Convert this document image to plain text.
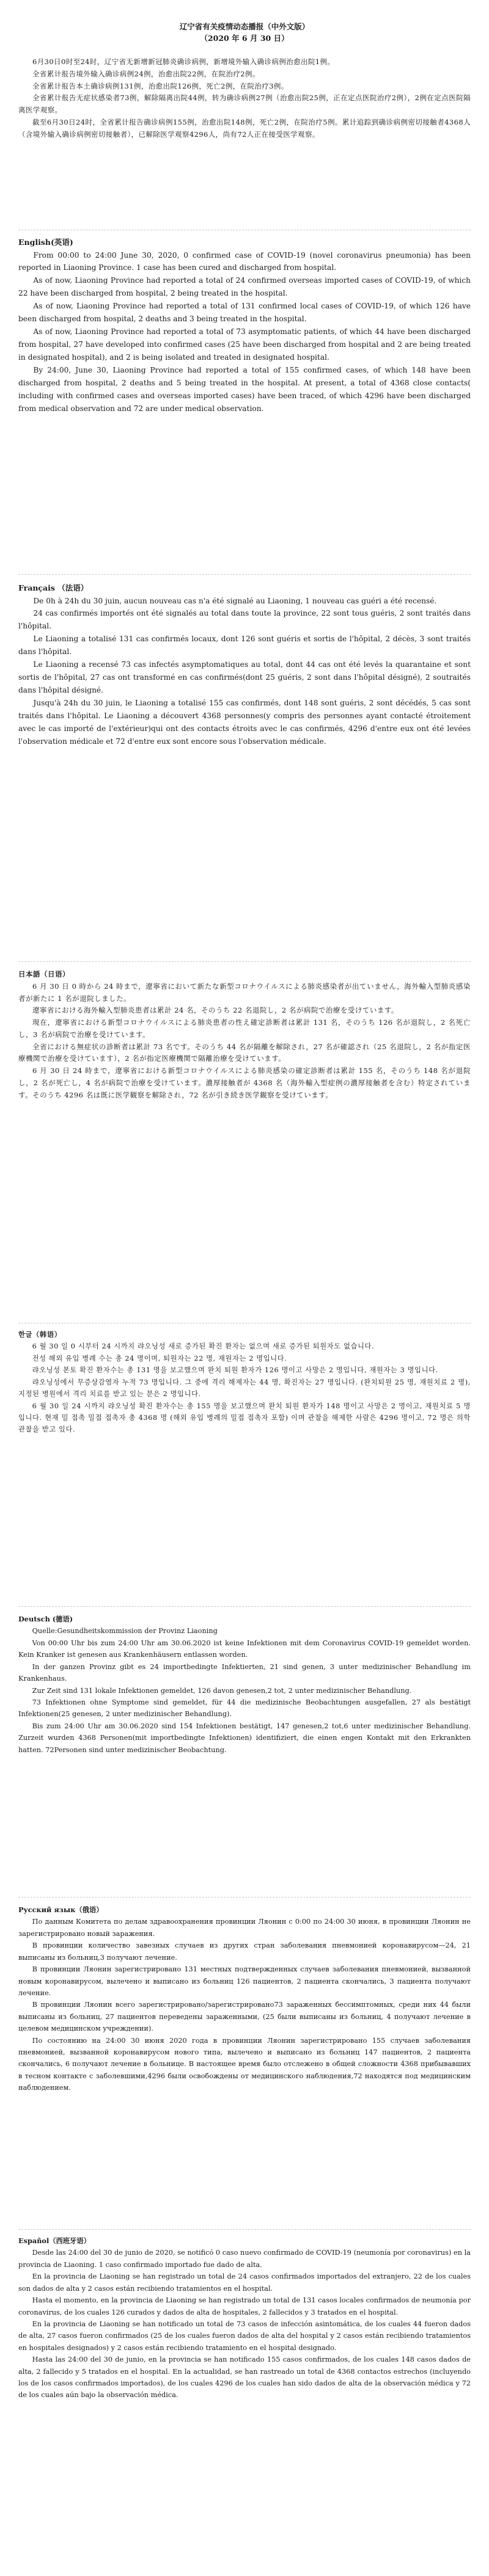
辽宁省有关疫情动态播报（中外文版）
（2020 年 6 月 30 日）

6月30日0时至24时，辽宁省无新增新冠肺炎确诊病例，新增境外输入确诊病例治愈出院1例。

全省累计报告境外输入确诊病例24例，治愈出院22例，在院治疗2例。

全省累计报告本土确诊病例131例，治愈出院126例，死亡2例，在院治疗3例。

全省累计报告无症状感染者73例，解除隔离出院44例，转为确诊病例27例（治愈出院25例，正在定点医院治疗2例），2例在定点医院隔离医学观察。

截至6月30日24时，全省累计报告确诊病例155例，治愈出院148例，死亡2例，在院治疗5例。累计追踪到确诊病例密切接触者4368人（含境外输入确诊病例密切接触者），已解除医学观察4296人，尚有72人正在接受医学观察。

English(英语)

From 00:00 to 24:00 June 30, 2020, 0 confirmed case of COVID-19 (novel coronavirus pneumonia) has been reported in Liaoning Province. 1 case has been cured and discharged from hospital.

As of now, Liaoning Province had reported a total of 24 confirmed overseas imported cases of COVID-19, of which 22 have been discharged from hospital, 2 being treated in the hospital.

As of now, Liaoning Province had reported a total of 131 confirmed local cases of COVID-19, of which 126 have been discharged from hospital, 2 deaths and 3 being treated in the hospital.

As of now, Liaoning Province had reported a total of 73 asymptomatic patients, of which 44 have been discharged from hospital, 27 have developed into confirmed cases (25 have been discharged from hospital and 2 are being treated in designated hospital), and 2 is being isolated and treated in designated hospital.

By 24:00, June 30, Liaoning Province had reported a total of 155 confirmed cases, of which 148 have been discharged from hospital, 2 deaths and 5 being treated in the hospital. At present, a total of 4368 close contacts( including with confirmed cases and overseas imported cases) have been traced, of which 4296 have been discharged from medical observation and 72 are under medical observation.

Français （法语）

De 0h à 24h du 30 juin, aucun nouveau cas n'a été signalé au Liaoning, 1 nouveau cas guéri a été recensé.

24 cas confirmés importés ont été signalés au total dans toute la province, 22 sont tous guéris, 2 sont traités dans l'hôpital.

Le Liaoning a totalisé 131 cas confirmés locaux, dont 126 sont guéris et sortis de l'hôpital, 2 décès, 3 sont traités dans l'hôpital.

Le Liaoning a recensé 73 cas infectés asymptomatiques au total, dont 44 cas ont été levés la quarantaine et sont sortis de l'hôpital, 27 cas ont transformé en cas confirmés(dont 25 guéris, 2 sont dans l'hôpital désigné), 2 soutraités dans l'hôpital désigné.

Jusqu'à 24h du 30 juin, le Liaoning a totalisé 155 cas confirmés, dont 148 sont guéris, 2 sont décédés, 5 cas sont traités dans l'hôpital. Le Liaoning a découvert 4368 personnes(y compris des personnes ayant contacté étroitement avec le cas importé de l'extérieur)qui ont des contacts étroits avec le cas confirmés, 4296 d'entre eux ont été levées l'observation médicale et 72 d'entre eux sont encore sous l'observation médicale.

日本語（日语）

6 月 30 日 0 時から 24 時まで，遼寧省において新たな新型コロナウイルスによる肺炎感染者が出ていません，海外輸入型肺炎感染者が新たに 1 名が退院しました。

遼寧省における海外輸入型肺炎患者は累計 24 名，そのうち 22 名退院し，2 名が病院で治療を受けています。

現在，遼寧省における新型コロナウイルスによる肺炎患者の性え確定診断者は累計 131 名，そのうち 126 名が退院し，2 名死亡し，3 名が病院で治療を受けています。

全省における無症状の診断者は累計 73 名です。そのうち 44 名が隔離を解除され，27 名が確認され（25 名退院し，2 名が指定医療機関で治療を受けています），2 名が指定医療機関で隔離治療を受けています。

6 月 30 日 24 時まで，遼寧省における新型コロナウイルスによる肺炎感染の確定診断者は累計 155 名，そのうち 148 名が退院し，2 名が死亡し，4 名が病院で治療を受けています。濃厚接触者が 4368 名（海外輸入型症例の濃厚接触者を含む）特定されています。そのうち 4296 名は既に医学観察を解除され，72 名が引き続き医学観察を受けています。

한글（韩语）

6 월 30 일 0 시부터 24 시까지 랴오닝성 새로 증가된 확진 환자는 없으며 새로 증가된 퇴원자도 없습니다.

전성 해외 유입 병례 수는 총 24 명이며, 퇴원자는 22 명, 재원자는 2 명입니다.

랴오닝성 본토 확진 환자수는 총 131 명을 보고했으며 완치 퇴원 환자가 126 명이고 사망은 2 명입니다, 재원자는 3 명입니다.

랴오닝성에서 무증상감염자 누적 73 명입니다. 그 중에 격리 해제자는 44 명, 확진자는 27 명입니다. (완치퇴원 25 명, 재원치료 2 명), 지정된 병원에서 격리 치료를 받고 있는 분은 2 명입니다.

6 월 30 일 24 시까지 랴오닝성 확진 환자수는 총 155 명을 보고했으며 완치 퇴원 환자가 148 명이고 사망은 2 명이고, 재원치료 5 명입니다. 현재 밀 접촉 밀접 접촉자 총 4368 명 (해외 유입 병례의 밀접 접촉자 포함) 이며 관찰을 해제한 사람은 4296 명이고, 72 명은 의학 관찰을 받고 있다.

Deutsch (德语)

Quelle:Gesundheitskommission der Provinz Liaoning

Von 00:00 Uhr bis zum 24:00 Uhr am 30.06.2020 ist keine Infektionen mit dem Coronavirus COVID-19 gemeldet worden. Kein Kranker ist genesen aus Krankenhäusern entlassen worden.

In der ganzen Provinz gibt es 24 importbedingte Infektierten, 21 sind genen, 3 unter medizinischer Behandlung im Krankenhaus.

Zur Zeit sind 131 lokale Infektionen gemeldet, 126 davon genesen,2 tot, 2 unter medizinischer Behandlung.

73 Infektionen ohne Symptome sind gemeldet, für 44 die medizinische Beobachtungen ausgefallen, 27 als bestätigt Infektionen(25 genesen, 2 unter medizinischer Behandlung).

Bis zum 24:00 Uhr am 30.06.2020 sind 154 Infektionen bestätigt, 147 genesen,2 tot,6 unter medizinischer Behandlung. Zurzeit wurden 4368 Personen(mit importbedingte Infektionen) identifiziert, die einen engen Kontakt mit den Erkrankten hatten. 72Personen sind unter medizinischer Beobachtung.

Русский язык（俄语）

По данным Комитета по делам здравоохранения провинции Ляонин с 0:00 по 24:00 30 июня, в провинции Ляонин не зарегистрировано новый заражения.

В провинции количество завезных случаев из других стран заболевания пневмонией коронавирусом—24, 21 выписаны из больниц,3 получают лечение.

В провинции Ляонин зарегистрировано 131 местных подтвержденных случаев заболевания пневмонией, вызванной новым коронавирусом, вылечено и выписано из больниц 126 пациентов, 2 пациента скончались, 3 пациента получают лечение.

В провинции Ляонин всего зарегистрировано/зарегистрировано73 зараженных бессимптомных, среди них 44 были выписаны из больниц, 27 пациентов переведены зараженными, (25 были выписаны из больниц, 4 получают лечение в целевом медицинском учреждении).

По состоянию на 24:00 30 июня 2020 года в провинции Ляонин зарегистрировано 155 случаев заболевания пневмонией, вызванной коронавирусом нового типа, вылечено и выписано из больниц 147 пациентов, 2 пациента скончались, 6 получают лечение в больнице. В настоящее время было отслежено в общей сложности 4368 прибывавших в тесном контакте с заболевшими,4296 были освобождены от медицинского наблюдения,72 находятся под медицинским наблюдением.

Español（西班牙语）

Desde las 24:00 del 30 de junio de 2020, se notificó 0 caso nuevo confirmado de COVID-19 (neumonía por coronavirus) en la provincia de Liaoning. 1 caso confirmado importado fue dado de alta.

En la provincia de Liaoning se han registrado un total de 24 casos confirmados importados del extranjero, 22 de los cuales son dados de alta y 2 casos están recibiendo tratamientos en el hospital.

Hasta el momento, en la provincia de Liaoning se han registrado un total de 131 casos locales confirmados de neumonía por coronavirus, de los cuales 126 curados y dados de alta de hospitales, 2 fallecidos y 3 tratados en el hospital.

En la provincia de Liaoning se han notificado un total de 73 casos de infección asintomática, de los cuales 44 fueron dados de alta, 27 casos fueron confirmados (25 de los cuales fueron dados de alta del hospital y 2 casos están recibiendo tratamientos en hospitales designados) y 2 casos están recibiendo tratamiento en el hospital designado.

Hasta las 24:00 del 30 de junio, en la provincia se han notificado 155 casos confirmados, de los cuales 148 casos dados de alta, 2 fallecido y 5 tratados en el hospital. En la actualidad, se han rastreado un total de 4368 contactos estrechos (incluyendo los de los casos confirmados importados), de los cuales 4296 de los cuales han sido dados de alta de la observación médica y 72 de los cuales aún bajo la observación médica.
